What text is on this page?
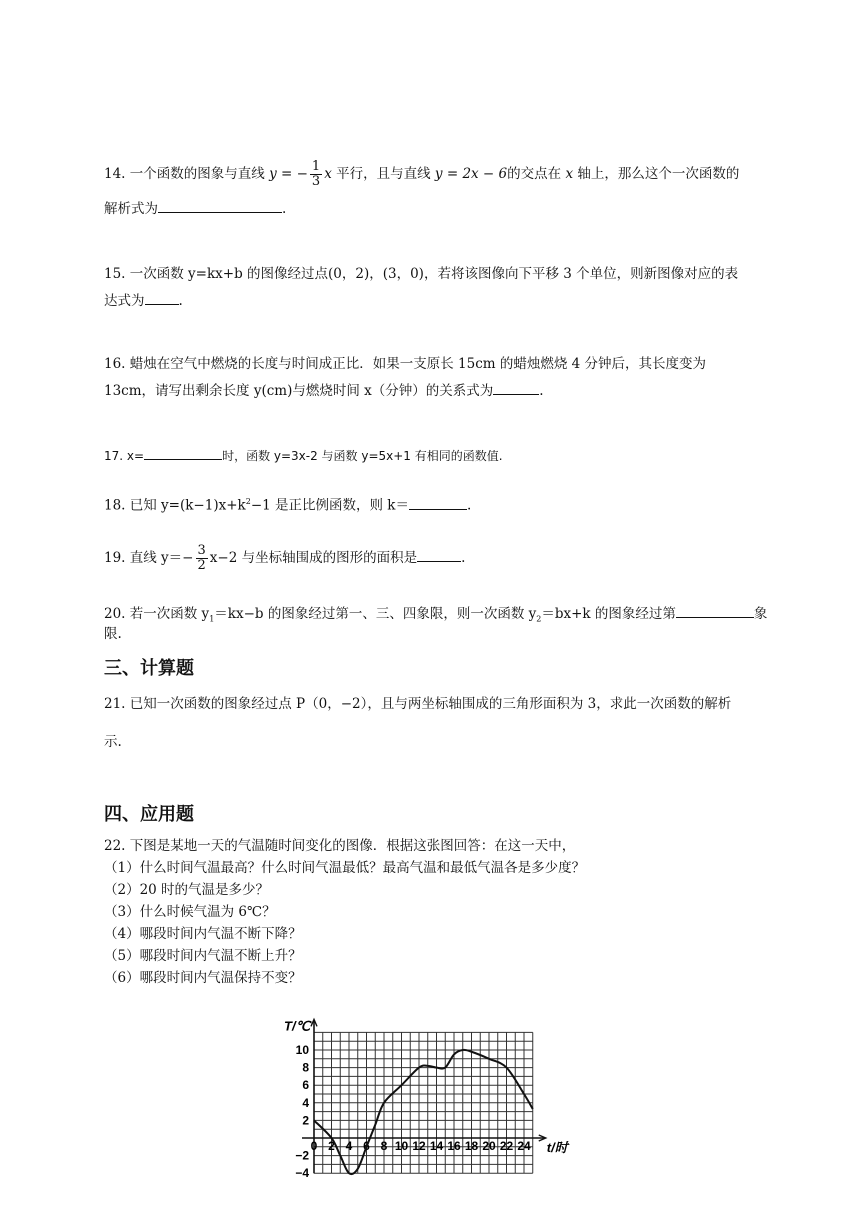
14. 一个函数的图象与直线 y = − $\frac{1}{3}$ x 平行，且与直线 y = 2x − 6的交点在 x 轴上，那么这个一次函数的
解析式为	.
15. 一次函数 y=kx+b 的图像经过点(0，2)，(3，0)，若将该图像向下平移 3 个单位，则新图像对应的表
达式为	.
16. 蜡烛在空气中燃烧的长度与时间成正比．如果一支原长 15cm 的蜡烛燃烧 4 分钟后，其长度变为
13cm，请写出剩余长度 y(cm)与燃烧时间 x（分钟）的关系式为	.
17. x=	时，函数 y=3x-2 与函数 y=5x+1 有相同的函数值.
18. 已知 $y=(k-1)x+k^2-1$ 是正比例函数，则 k＝	.
19. 直线 $y=- \frac{3}{2} x-2$ 与坐标轴围成的图形的面积是	.
20. 若一次函数 $y_1=kx-b$ 的图象经过第一、三、四象限，则一次函数 $y_2=bx+k$ 的图象经过第	象
限.
三、计算题
21. 已知一次函数的图象经过点 P（0，−2），且与两坐标轴围成的三角形面积为 3，求此一次函数的解析
示.
四、应用题
22. 下图是某地一天的气温随时间变化的图像．根据这张图回答：在这一天中，
（1）什么时间气温最高？什么时间气温最低？最高气温和最低气温各是多少度？
（2）20 时的气温是多少？
（3）什么时候气温为 6℃？
（4）哪段时间内气温不断下降？
（5）哪段时间内气温不断上升？
（6）哪段时间内气温保持不变？
0 2 4 6 8 10 12 14 16 18 20 22 24
10
8
6
4
2
−2
−4
T/℃
t/时
